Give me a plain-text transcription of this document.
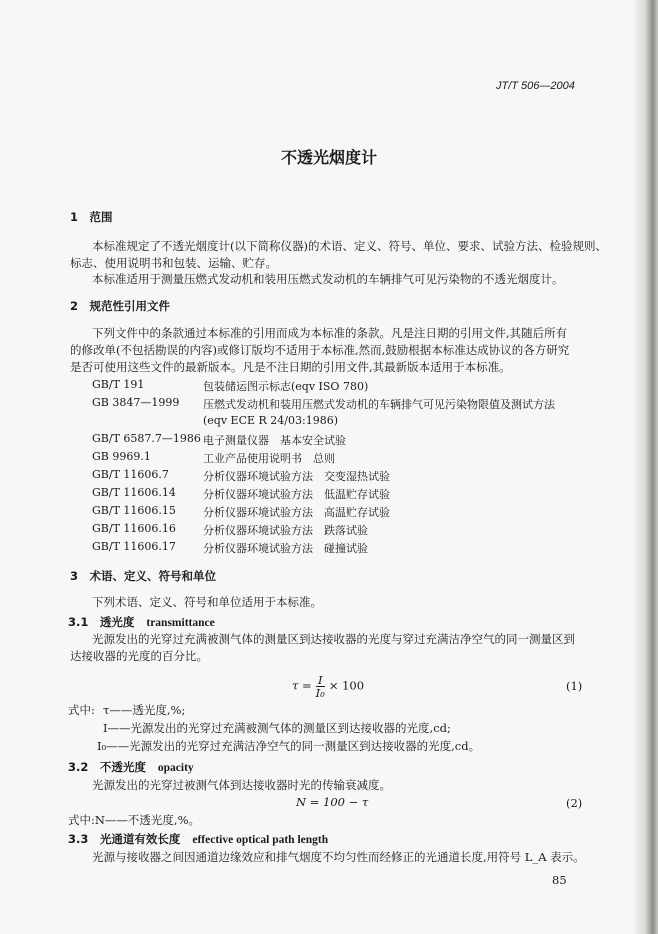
JT/T 506—2004
不透光烟度计
1　范围
本标准规定了不透光烟度计(以下简称仪器)的术语、定义、符号、单位、要求、试验方法、检验规则、
标志、使用说明书和包装、运输、贮存。
本标准适用于测量压燃式发动机和装用压燃式发动机的车辆排气可见污染物的不透光烟度计。
2　规范性引用文件
下列文件中的条款通过本标准的引用而成为本标准的条款。凡是注日期的引用文件,其随后所有
的修改单(不包括勘误的内容)或修订版均不适用于本标准,然而,鼓励根据本标准达成协议的各方研究
是否可使用这些文件的最新版本。凡是不注日期的引用文件,其最新版本适用于本标准。
GB/T 191	包装储运图示标志(eqv ISO 780)
GB 3847—1999 压燃式发动机和装用压燃式发动机的车辆排气可见污染物限值及测试方法
(eqv ECE R 24/03:1986)
GB/T 6587.7—1986 电子测量仪器　基本安全试验
GB 9969.1	工业产品使用说明书　总则
GB/T 11606.7	分析仪器环境试验方法　交变湿热试验
GB/T 11606.14 分析仪器环境试验方法　低温贮存试验
GB/T 11606.15 分析仪器环境试验方法　高温贮存试验
GB/T 11606.16 分析仪器环境试验方法　跌落试验
GB/T 11606.17 分析仪器环境试验方法　碰撞试验
3　术语、定义、符号和单位
下列术语、定义、符号和单位适用于本标准。
3.1　透光度 transmittance
光源发出的光穿过充满被测气体的测量区到达接收器的光度与穿过充满洁净空气的同一测量区到
达接收器的光度的百分比。
$\tau = \frac{I}{\text{I₀}} \times 100$	(1)
式中: τ——透光度,%;
I——光源发出的光穿过充满被测气体的测量区到达接收器的光度,cd;
I₀——光源发出的光穿过充满洁净空气的同一测量区到达接收器的光度,cd。
3.2　不透光度 opacity
光源发出的光穿过被测气体到达接收器时光的传输衰减度。
N = 100 − τ	(2)
式中:N——不透光度,%。
3.3　光通道有效长度 effective optical path length
光源与接收器之间因通道边缘效应和排气烟度不均匀性而经修正的光通道长度,用符号 L_A 表示。
85
